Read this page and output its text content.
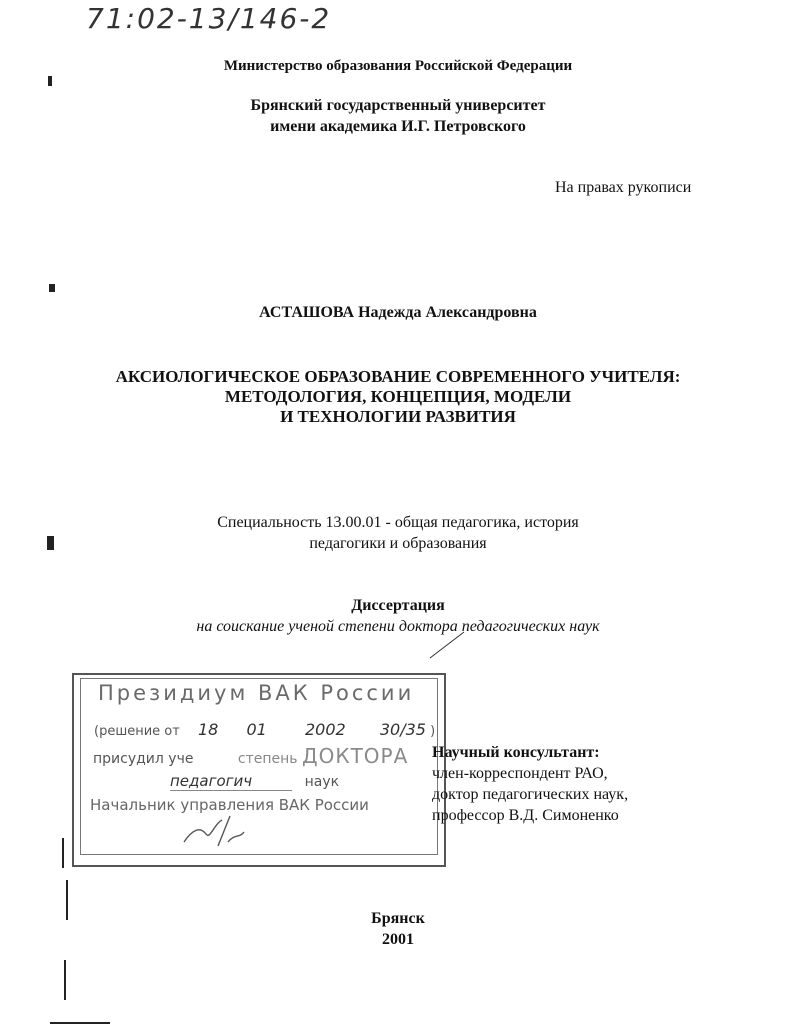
71:02-13/146-2
Министерство образования Российской Федерации
Брянский государственный университет
имени академика И.Г. Петровского
На правах рукописи
АСТАШОВА Надежда Александровна
АКСИОЛОГИЧЕСКОЕ ОБРАЗОВАНИЕ СОВРЕМЕННОГО УЧИТЕЛЯ:
МЕТОДОЛОГИЯ, КОНЦЕПЦИЯ, МОДЕЛИ
И ТЕХНОЛОГИИ РАЗВИТИЯ
Специальность 13.00.01 - общая педагогика, история
педагогики и образования
Диссертация
на соискание ученой степени доктора педагогических наук
Президиум ВАК России
(решение от 18 01 2002 30/35 )
присудил уче	степень ДОКТОРА
педагогич	наук
Начальник управления ВАК России
Научный консультант:
член-корреспондент РАО,
доктор педагогических наук,
профессор В.Д. Симоненко
Брянск
2001
